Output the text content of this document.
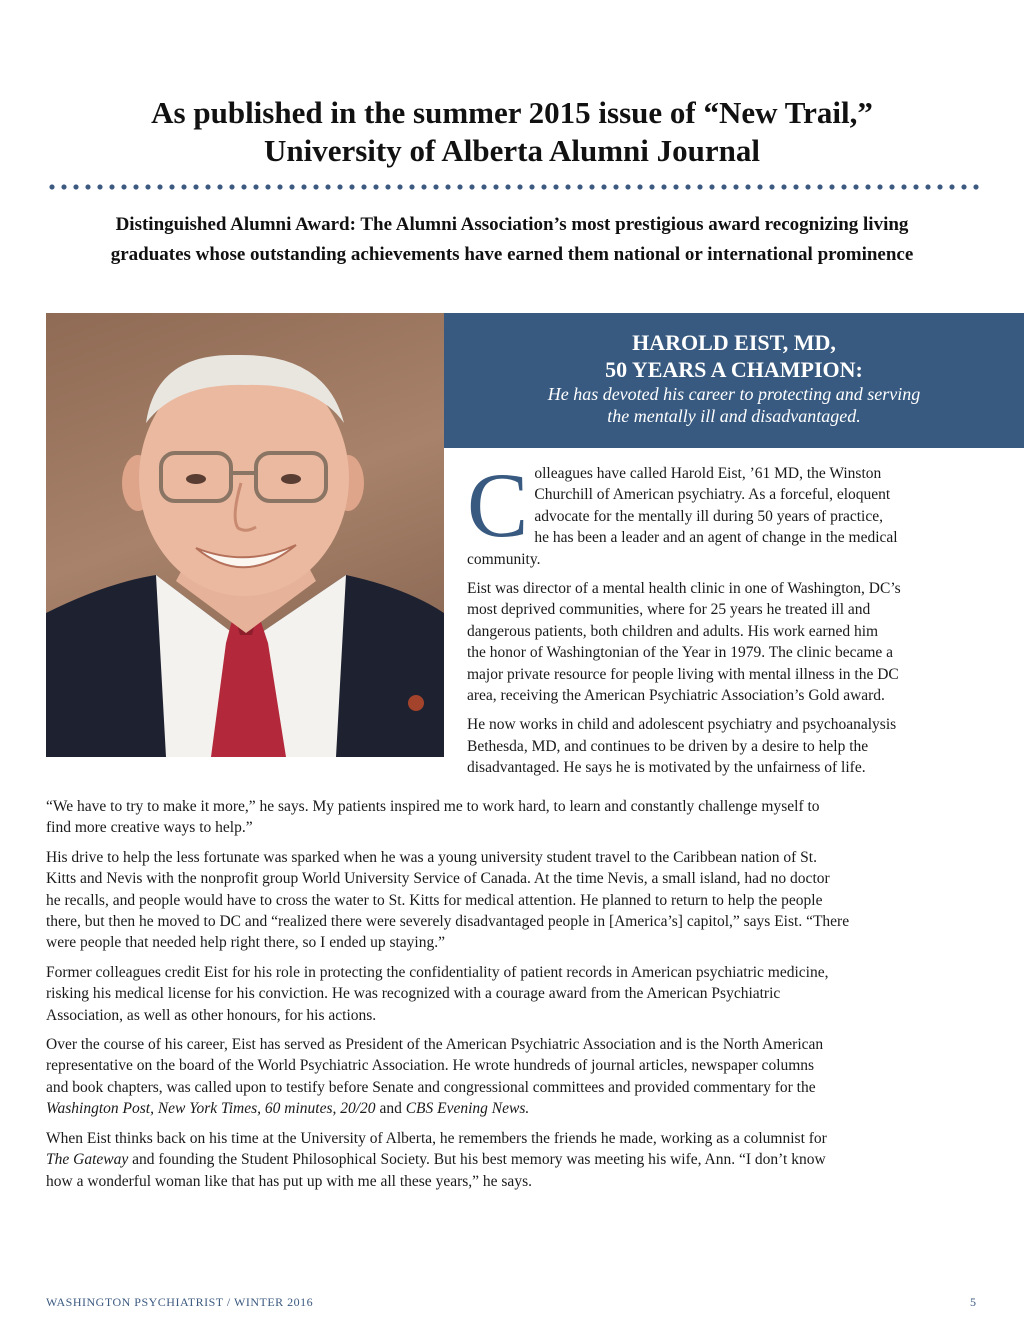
As published in the summer 2015 issue of “New Trail,”
University of Alberta Alumni Journal
Distinguished Alumni Award: The Alumni Association’s most prestigious award recognizing living
graduates whose outstanding achievements have earned them national or international prominence
HAROLD EIST, MD,
50 YEARS A CHAMPION:
He has devoted his career to protecting and serving
the mentally ill and disadvantaged.

C olleagues have called Harold Eist, ’61 MD, the Winston
Churchill of American psychiatry. As a forceful, eloquent
advocate for the mentally ill during 50 years of practice,
he has been a leader and an agent of change in the medical
community.

Eist was director of a mental health clinic in one of Washington, DC’s
most deprived communities, where for 25 years he treated ill and
dangerous patients, both children and adults. His work earned him
the honor of Washingtonian of the Year in 1979. The clinic became a
major private resource for people living with mental illness in the DC
area, receiving the American Psychiatric Association’s Gold award.

He now works in child and adolescent psychiatry and psychoanalysis
Bethesda, MD, and continues to be driven by a desire to help the
disadvantaged. He says he is motivated by the unfairness of life.

“We have to try to make it more,” he says. My patients inspired me to work hard, to learn and constantly challenge myself to
find more creative ways to help.”

His drive to help the less fortunate was sparked when he was a young university student travel to the Caribbean nation of St.
Kitts and Nevis with the nonprofit group World University Service of Canada. At the time Nevis, a small island, had no doctor
he recalls, and people would have to cross the water to St. Kitts for medical attention. He planned to return to help the people
there, but then he moved to DC and “realized there were severely disadvantaged people in [America’s] capitol,” says Eist. “There
were people that needed help right there, so I ended up staying.”

Former colleagues credit Eist for his role in protecting the confidentiality of patient records in American psychiatric medicine,
risking his medical license for his conviction. He was recognized with a courage award from the American Psychiatric
Association, as well as other honours, for his actions.

Over the course of his career, Eist has served as President of the American Psychiatric Association and is the North American
representative on the board of the World Psychiatric Association. He wrote hundreds of journal articles, newspaper columns
and book chapters, was called upon to testify before Senate and congressional committees and provided commentary for the
Washington Post, New York Times, 60 minutes, 20/20 and CBS Evening News.

When Eist thinks back on his time at the University of Alberta, he remembers the friends he made, working as a columnist for
The Gateway and founding the Student Philosophical Society. But his best memory was meeting his wife, Ann. “I don’t know
how a wonderful woman like that has put up with me all these years,” he says.

WASHINGTON PSYCHIATRIST / WINTER 2016	5
